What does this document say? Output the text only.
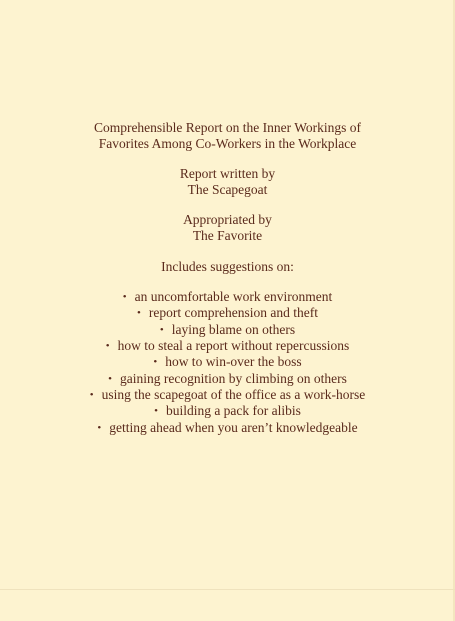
Comprehensible Report on the Inner Workings of
Favorites Among Co-Workers in the Workplace
Report written by
The Scapegoat
Appropriated by
The Favorite
Includes suggestions on:
• an uncomfortable work environment
• report comprehension and theft
• laying blame on others
• how to steal a report without repercussions
• how to win-over the boss
• gaining recognition by climbing on others
• using the scapegoat of the office as a work-horse
• building a pack for alibis
• getting ahead when you aren’t knowledgeable
